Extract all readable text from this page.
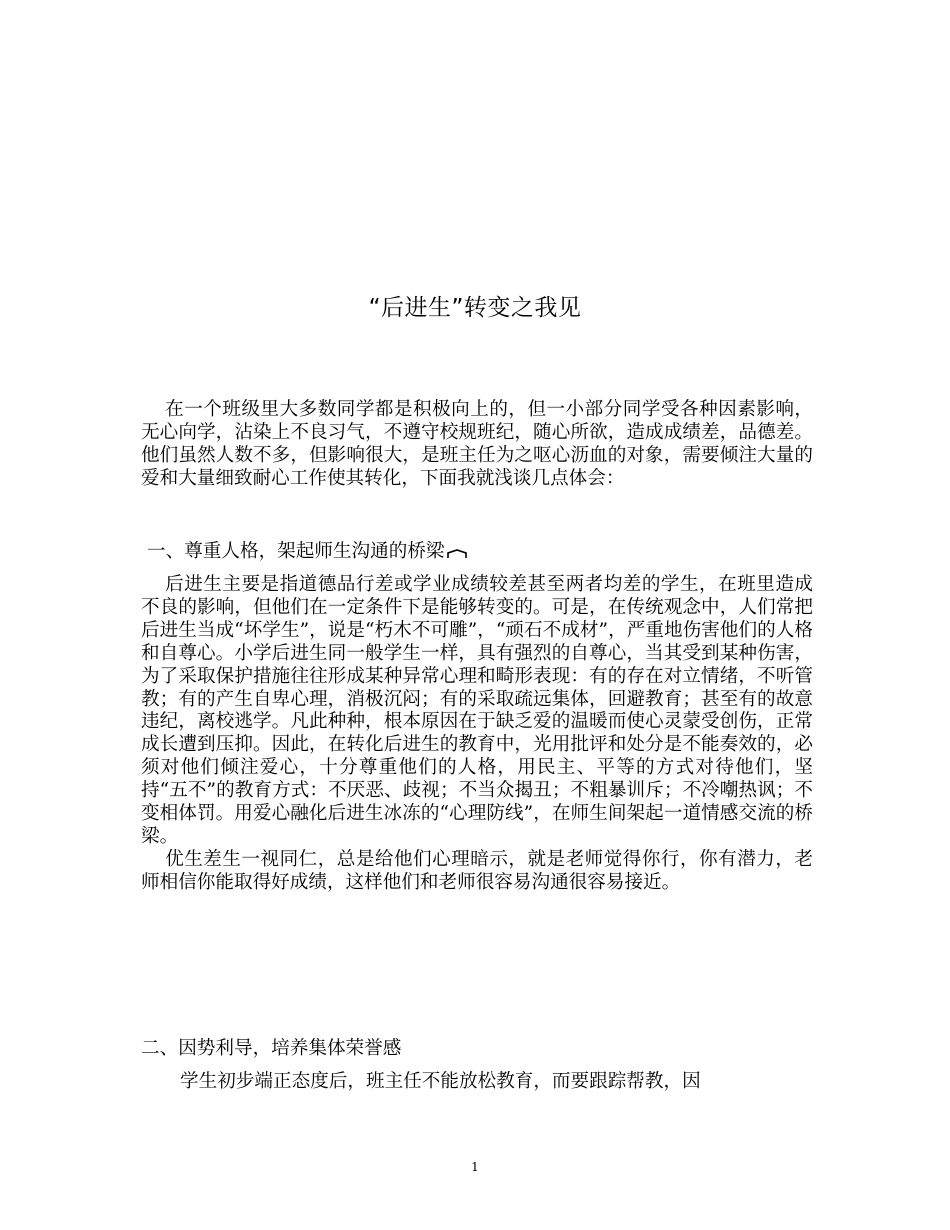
“后进生”转变之我见

在一个班级里大多数同学都是积极向上的，但一小部分同学受各种因素影响，无心向学，沾染上不良习气，不遵守校规班纪，随心所欲，造成成绩差，品德差。他们虽然人数不多，但影响很大，是班主任为之呕心沥血的对象，需要倾注大量的爱和大量细致耐心工作使其转化，下面我就浅谈几点体会：

一、尊重人格，架起师生沟通的桥梁

后进生主要是指道德品行差或学业成绩较差甚至两者均差的学生，在班里造成不良的影响，但他们在一定条件下是能够转变的。可是，在传统观念中，人们常把后进生当成“坏学生”，说是“朽木不可雕”，“顽石不成材”，严重地伤害他们的人格和自尊心。小学后进生同一般学生一样，具有强烈的自尊心，当其受到某种伤害，为了采取保护措施往往形成某种异常心理和畸形表现：有的存在对立情绪，不听管教；有的产生自卑心理，消极沉闷；有的采取疏远集体，回避教育；甚至有的故意违纪，离校逃学。凡此种种，根本原因在于缺乏爱的温暖而使心灵蒙受创伤，正常成长遭到压抑。因此，在转化后进生的教育中，光用批评和处分是不能奏效的，必须对他们倾注爱心，十分尊重他们的人格，用民主、平等的方式对待他们，坚持“五不”的教育方式：不厌恶、歧视；不当众揭丑；不粗暴训斥；不冷嘲热讽；不变相体罚。用爱心融化后进生冰冻的“心理防线”，在师生间架起一道情感交流的桥梁。

优生差生一视同仁，总是给他们心理暗示，就是老师觉得你行，你有潜力，老师相信你能取得好成绩，这样他们和老师很容易沟通很容易接近。

二、因势利导，培养集体荣誉感

学生初步端正态度后，班主任不能放松教育，而要跟踪帮教，因

1
